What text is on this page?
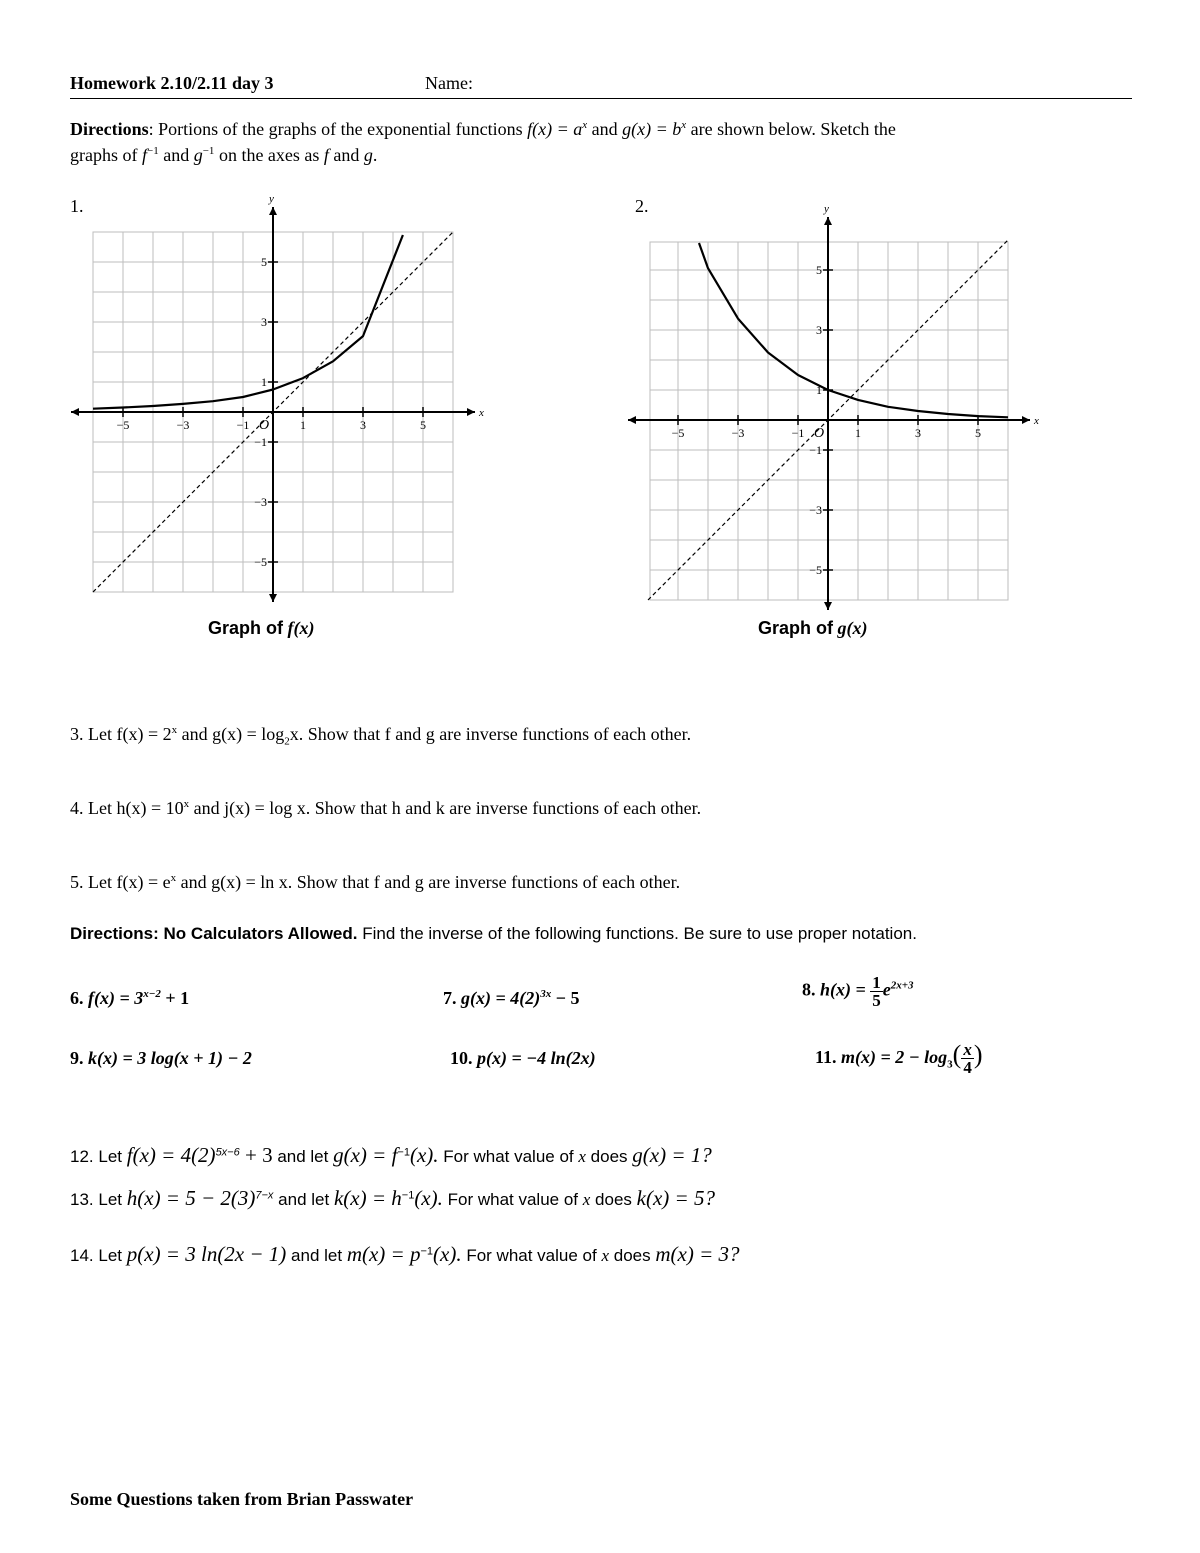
Homework 2.10/2.11 day 3	Name:
Directions: Portions of the graphs of the exponential functions $f(x) = a^x$ and $g(x) = b^x$ are shown below. Sketch the
graphs of $f^{-1}$ and $g^{-1}$ on the axes as f and g.
1.
x
y
O
−5	−3	−1	1	3	5
5
3
1
−1
−3
−5
Graph of f(x)
2.
x
y
O
−5	−3	−1	1	3	5
5
3
1
−1
−3
−5
Graph of g(x)
3. Let $f(x) = 2^x$ and $g(x) = \log_2x$. Show that f and g are inverse functions of each other.
4. Let $h(x) = 10^x$ and j(x) = log x. Show that h and k are inverse functions of each other.
5. Let $f(x) = e^x$ and g(x) = ln x. Show that f and g are inverse functions of each other.
Directions: No Calculators Allowed. Find the inverse of the following functions. Be sure to use proper notation.
6. $f(x) = 3^{x-2} + 1$	7. $g(x) = 4(2)^{3x} - 5$	8. $h(x) = \frac{1}{5} e^{2x+3}$
9. k(x) = 3 log(x + 1) − 2	10. p(x) = −4 ln(2x)	11. $m(x) = 2 - \log_3( \frac{x}{4}$ )
12. Let $f(x) = 4(2)^{5x-6} + 3$ and let $g(x) = f^{-1}(x)$. For what value of x does g(x) = 1?
13. Let $h(x) = 5 - 2(3)^{7-x}$ and let $k(x) = h^{-1}(x)$. For what value of x does k(x) = 5?
14. Let p(x) = 3 ln(2x − 1) and let $m(x) = p^{-1}(x)$. For what value of x does m(x) = 3?
Some Questions taken from Brian Passwater
